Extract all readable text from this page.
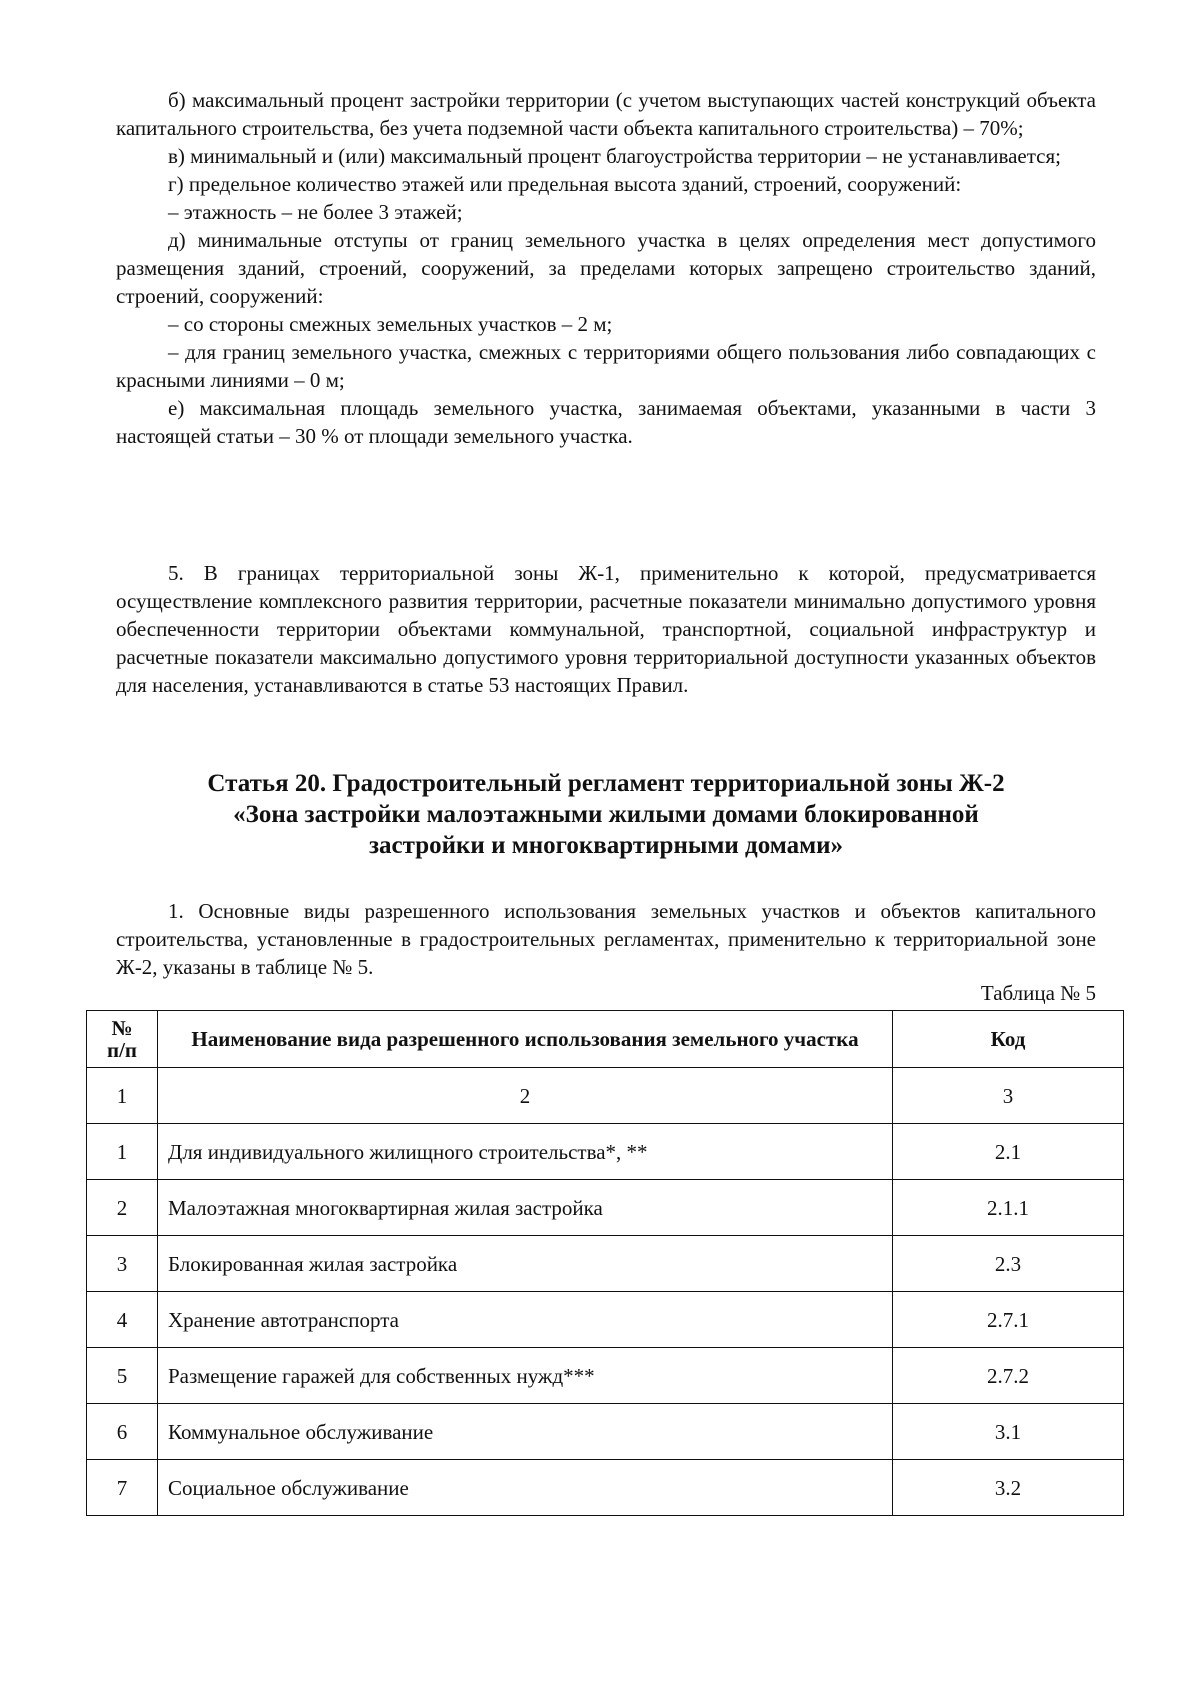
б) максимальный процент застройки территории (с учетом выступающих частей конструкций объекта капитального строительства, без учета подземной части объекта капитального строительства) – 70%;

в) минимальный и (или) максимальный процент благоустройства территории – не устанавливается;

г) предельное количество этажей или предельная высота зданий, строений, сооружений:

– этажность – не более 3 этажей;

д) минимальные отступы от границ земельного участка в целях определения мест допустимого размещения зданий, строений, сооружений, за пределами которых запрещено строительство зданий, строений, сооружений:

– со стороны смежных земельных участков – 2 м;

– для границ земельного участка, смежных с территориями общего пользования либо совпадающих с красными линиями – 0 м;

е) максимальная площадь земельного участка, занимаемая объектами, указанными в части 3 настоящей статьи – 30 % от площади земельного участка.

5. В границах территориальной зоны Ж-1, применительно к которой, предусматривается осуществление комплексного развития территории, расчетные показатели минимально допустимого уровня обеспеченности территории объектами коммунальной, транспортной, социальной инфраструктур и расчетные показатели максимально допустимого уровня территориальной доступности указанных объектов для населения, устанавливаются в статье 53 настоящих Правил.

Статья 20. Градостроительный регламент территориальной зоны Ж-2
«Зона застройки малоэтажными жилыми домами блокированной
застройки и многоквартирными домами»

1. Основные виды разрешенного использования земельных участков и объектов капитального строительства, установленные в градостроительных регламентах, применительно к территориальной зоне Ж-2, указаны в таблице № 5.

Таблица № 5
№
п/п	Наименование вида разрешенного использования земельного участка	Код
1	2	3
1	Для индивидуального жилищного строительства*, **	2.1
2	Малоэтажная многоквартирная жилая застройка	2.1.1
3	Блокированная жилая застройка	2.3
4	Хранение автотранспорта	2.7.1
5	Размещение гаражей для собственных нужд***	2.7.2
6	Коммунальное обслуживание	3.1
7	Социальное обслуживание	3.2
